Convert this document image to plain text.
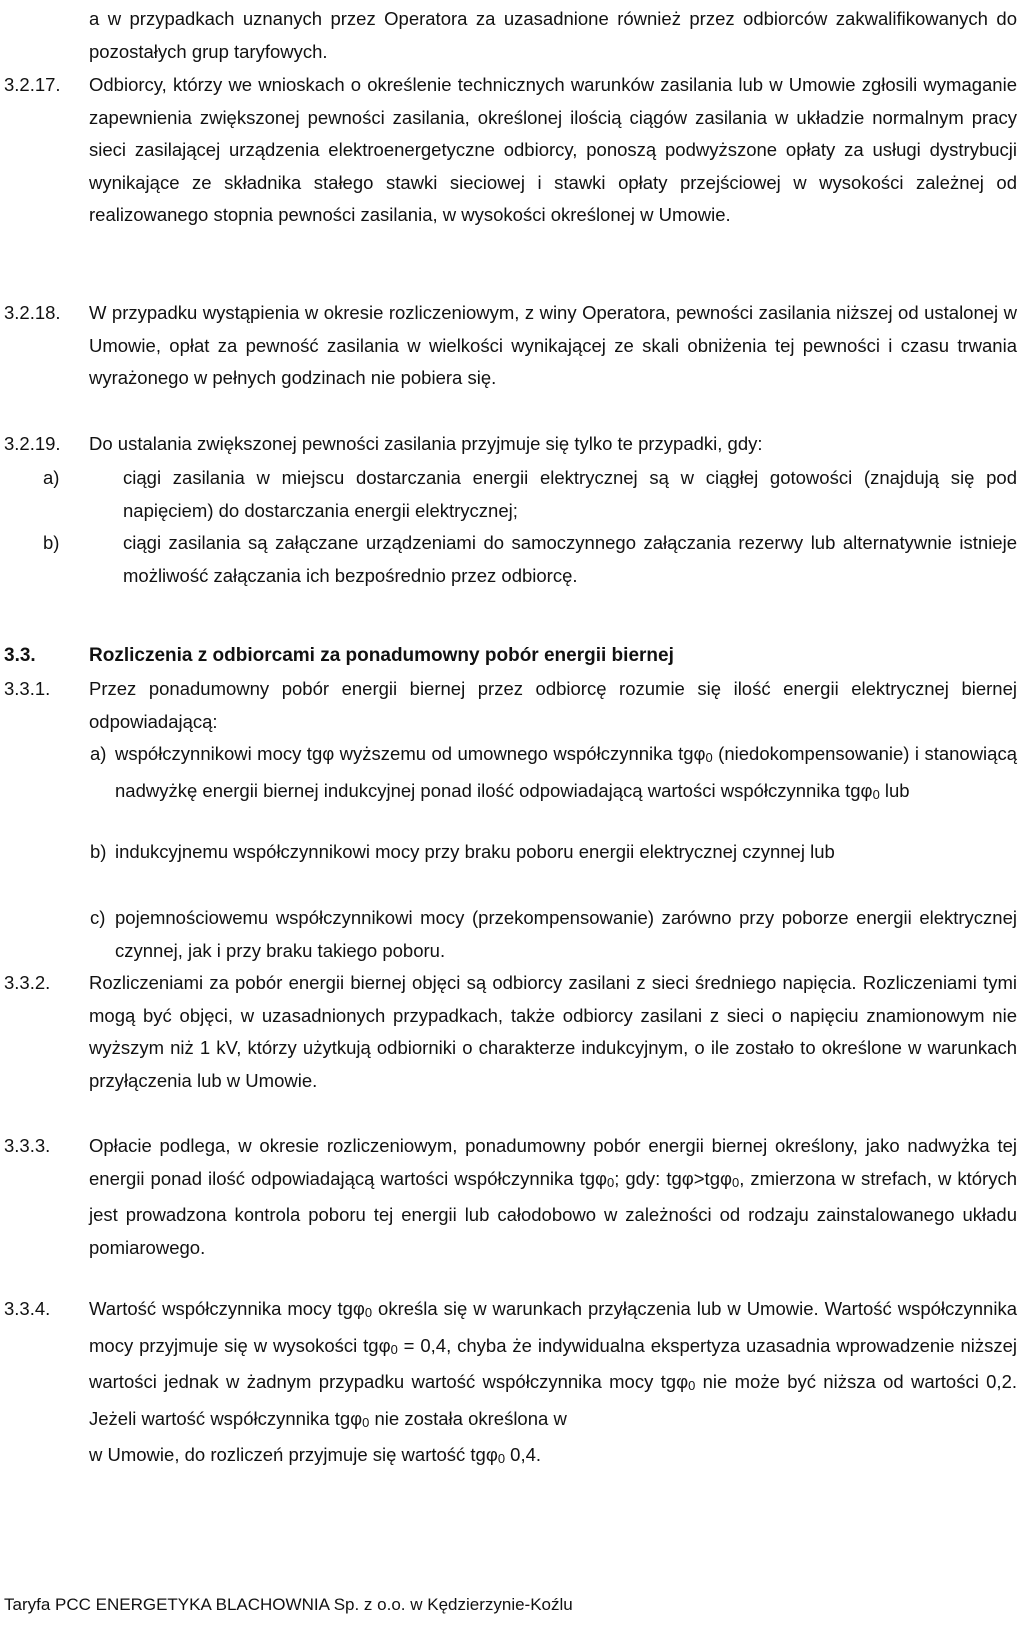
a w przypadkach uznanych przez Operatora za uzasadnione również przez odbiorców zakwalifikowanych do pozostałych grup taryfowych.
3.2.17.	Odbiorcy, którzy we wnioskach o określenie technicznych warunków zasilania lub w Umowie zgłosili wymaganie zapewnienia zwiększonej pewności zasilania, określonej ilością ciągów zasilania w układzie normalnym pracy sieci zasilającej urządzenia elektroenergetyczne odbiorcy, ponoszą podwyższone opłaty za usługi dystrybucji wynikające ze składnika stałego stawki sieciowej i stawki opłaty przejściowej w wysokości zależnej od realizowanego stopnia pewności zasilania, w wysokości określonej w Umowie.
3.2.18.	W przypadku wystąpienia w okresie rozliczeniowym, z winy Operatora, pewności zasilania niższej od ustalonej w Umowie, opłat za pewność zasilania w wielkości wynikającej ze skali obniżenia tej pewności i czasu trwania wyrażonego w pełnych godzinach nie pobiera się.
3.2.19.	Do ustalania zwiększonej pewności zasilania przyjmuje się tylko te przypadki, gdy:
a)	ciągi zasilania w miejscu dostarczania energii elektrycznej są w ciągłej gotowości (znajdują się pod napięciem) do dostarczania energii elektrycznej;
b)	ciągi zasilania są załączane urządzeniami do samoczynnego załączania rezerwy lub alternatywnie istnieje możliwość załączania ich bezpośrednio przez odbiorcę.
3.3.	Rozliczenia z odbiorcami za ponadumowny pobór energii biernej
3.3.1.	Przez ponadumowny pobór energii biernej przez odbiorcę rozumie się ilość energii elektrycznej biernej odpowiadającą:
a) współczynnikowi mocy tgφ wyższemu od umownego współczynnika tgφ$_0$ (niedokompensowanie) i stanowiącą nadwyżkę energii biernej indukcyjnej ponad ilość odpowiadającą wartości współczynnika tgφ$_0$ lub
b) indukcyjnemu współczynnikowi mocy przy braku poboru energii elektrycznej czynnej lub
c) pojemnościowemu współczynnikowi mocy (przekompensowanie) zarówno przy poborze energii elektrycznej czynnej, jak i przy braku takiego poboru.
3.3.2.	Rozliczeniami za pobór energii biernej objęci są odbiorcy zasilani z sieci średniego napięcia. Rozliczeniami tymi mogą być objęci, w uzasadnionych przypadkach, także odbiorcy zasilani z sieci o napięciu znamionowym nie wyższym niż 1 kV, którzy użytkują odbiorniki o charakterze indukcyjnym, o ile zostało to określone w warunkach przyłączenia lub w Umowie.
3.3.3.	Opłacie podlega, w okresie rozliczeniowym, ponadumowny pobór energii biernej określony, jako nadwyżka tej energii ponad ilość odpowiadającą wartości współczynnika tgφ$_0$; gdy: tgφ>tgφ$_0$, zmierzona w strefach, w których jest prowadzona kontrola poboru tej energii lub całodobowo w zależności od rodzaju zainstalowanego układu pomiarowego.
3.3.4.	Wartość współczynnika mocy tgφ$_0$ określa się w warunkach przyłączenia lub w Umowie. Wartość współczynnika mocy przyjmuje się w wysokości tgφ$_0$ = 0,4, chyba że indywidualna ekspertyza uzasadnia wprowadzenie niższej wartości jednak w żadnym przypadku wartość współczynnika mocy tgφ$_0$ nie może być niższa od wartości 0,2. Jeżeli wartość współczynnika tgφ$_0$ nie została określona w
w Umowie, do rozliczeń przyjmuje się wartość tgφ$_0$ 0,4.
Taryfa PCC ENERGETYKA BLACHOWNIA Sp. z o.o. w Kędzierzynie-Koźlu
